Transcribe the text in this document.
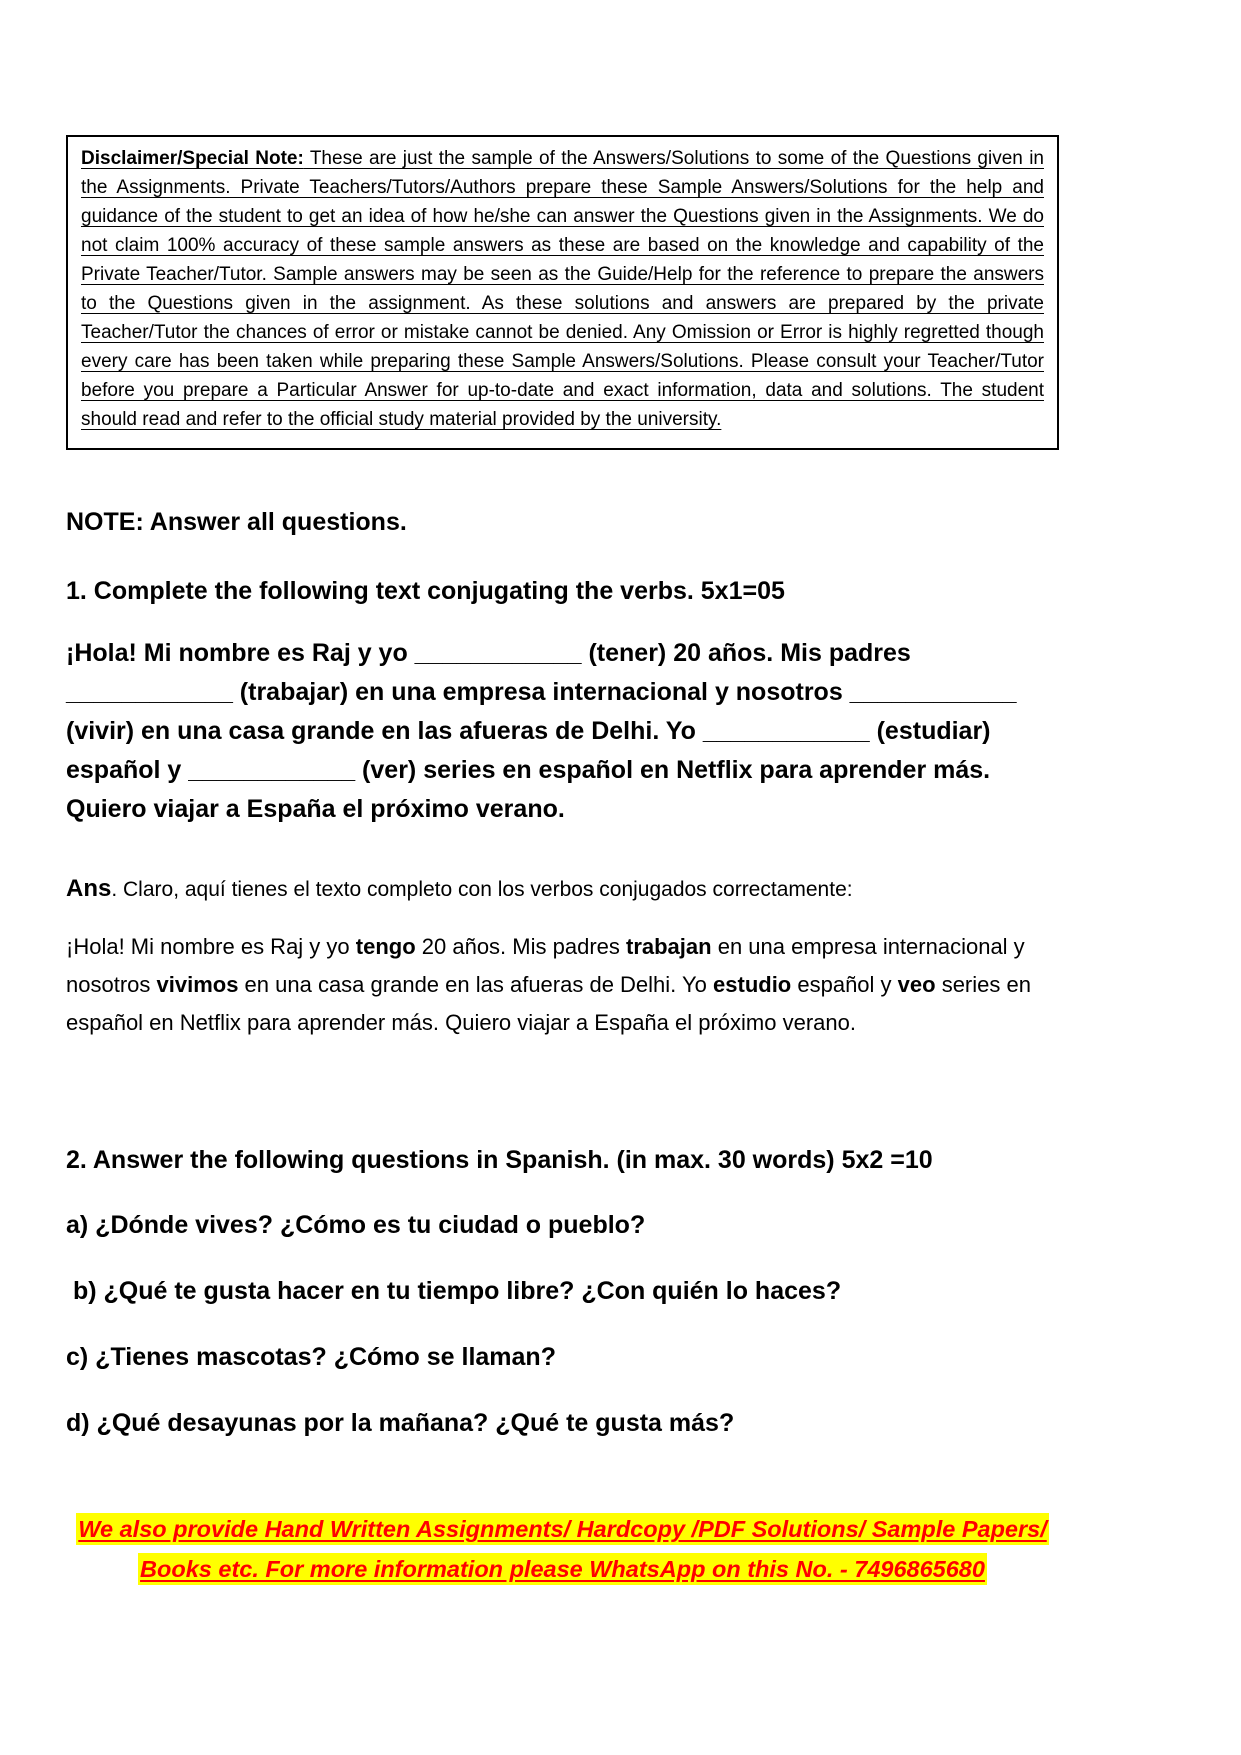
Disclaimer/Special Note: These are just the sample of the Answers/Solutions to some of the Questions given in the Assignments. Private Teachers/Tutors/Authors prepare these Sample Answers/Solutions for the help and guidance of the student to get an idea of how he/she can answer the Questions given in the Assignments. We do not claim 100% accuracy of these sample answers as these are based on the knowledge and capability of the Private Teacher/Tutor. Sample answers may be seen as the Guide/Help for the reference to prepare the answers to the Questions given in the assignment. As these solutions and answers are prepared by the private Teacher/Tutor the chances of error or mistake cannot be denied. Any Omission or Error is highly regretted though every care has been taken while preparing these Sample Answers/Solutions. Please consult your Teacher/Tutor before you prepare a Particular Answer for up-to-date and exact information, data and solutions. The student should read and refer to the official study material provided by the university.

NOTE: Answer all questions.

1. Complete the following text conjugating the verbs. 5x1=05

¡Hola! Mi nombre es Raj y yo ____________ (tener) 20 años. Mis padres ____________ (trabajar) en una empresa internacional y nosotros ____________ (vivir) en una casa grande en las afueras de Delhi. Yo ____________ (estudiar) español y ____________ (ver) series en español en Netflix para aprender más. Quiero viajar a España el próximo verano.

Ans. Claro, aquí tienes el texto completo con los verbos conjugados correctamente:

¡Hola! Mi nombre es Raj y yo tengo 20 años. Mis padres trabajan en una empresa internacional y nosotros vivimos en una casa grande en las afueras de Delhi. Yo estudio español y veo series en español en Netflix para aprender más. Quiero viajar a España el próximo verano.

2. Answer the following questions in Spanish. (in max. 30 words) 5x2 =10

a) ¿Dónde vives? ¿Cómo es tu ciudad o pueblo?

b) ¿Qué te gusta hacer en tu tiempo libre? ¿Con quién lo haces?

c) ¿Tienes mascotas? ¿Cómo se llaman?

d) ¿Qué desayunas por la mañana? ¿Qué te gusta más?

We also provide Hand Written Assignments/ Hardcopy /PDF Solutions/ Sample Papers/ Books etc. For more information please WhatsApp on this No. - 7496865680
